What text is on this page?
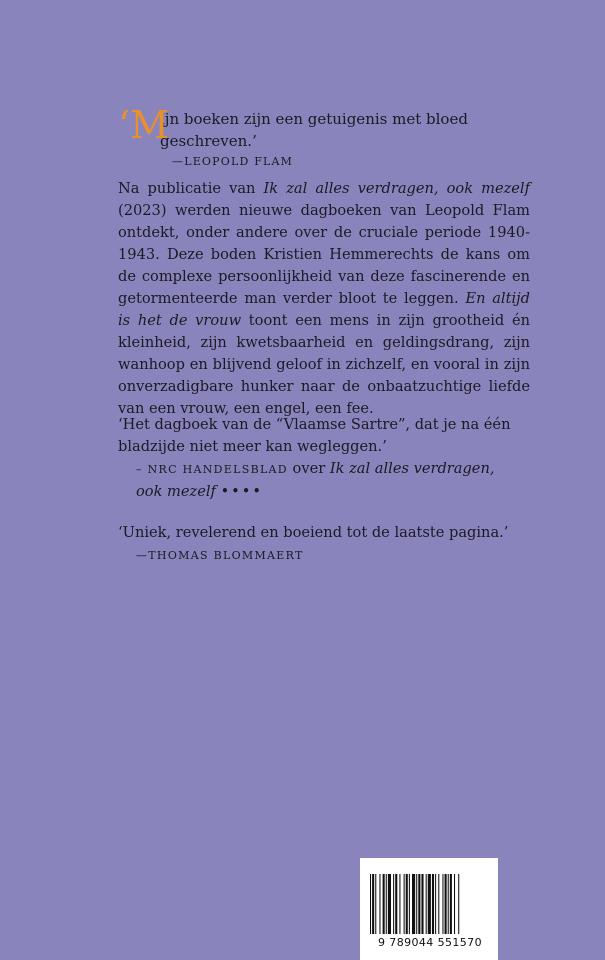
‘M
ijn boeken zijn een getuigenis met bloed geschreven.’
—LEOPOLD FLAM

Na publicatie van Ik zal alles verdragen, ook mezelf (2023) werden nieuwe dagboeken van Leopold Flam ontdekt, onder andere over de cruciale periode 1940-1943. Deze boden Kristien Hemmerechts de kans om de complexe persoonlijkheid van deze fascinerende en getormenteerde man verder bloot te leggen. En altijd is het de vrouw toont een mens in zijn grootheid én kleinheid, zijn kwetsbaarheid en geldingsdrang, zijn wanhoop en blijvend geloof in zichzelf, en vooral in zijn onverzadigbare hunker naar de onbaatzuchtige liefde van een vrouw, een engel, een fee.

‘Het dagboek van de “Vlaamse Sartre”, dat je na één bladzijde niet meer kan wegleggen.’

– NRC HANDELSBLAD over Ik zal alles verdragen,

ook mezelf ••••

‘Uniek, revelerend en boeiend tot de laatste pagina.’

—THOMAS BLOMMAERT

9 789044 551570
